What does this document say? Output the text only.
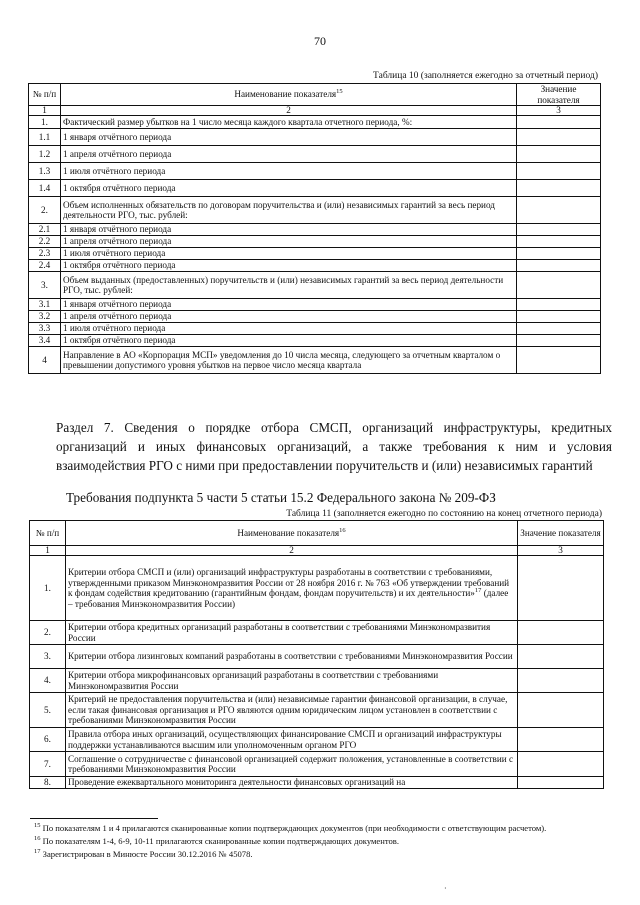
70
Таблица 10 (заполняется ежегодно за отчетный период)
№ п/п	Наименование показателя$^{15}$	Значение показателя
1	2	3
1.	Фактический размер убытков на 1 число месяца каждого квартала отчетного периода, %:	
1.1	1 января отчётного периода	
1.2	1 апреля отчётного периода	
1.3	1 июля отчётного периода	
1.4	1 октября отчётного периода	
2.	Объем исполненных обязательств по договорам поручительства и (или) независимых гарантий за весь период деятельности РГО, тыс. рублей:	
2.1	1 января отчётного периода	
2.2	1 апреля отчётного периода	
2.3	1 июля отчётного периода	
2.4	1 октября отчётного периода	
3.	Объем выданных (предоставленных) поручительств и (или) независимых гарантий за весь период деятельности РГО, тыс. рублей:	
3.1	1 января отчётного периода	
3.2	1 апреля отчётного периода	
3.3	1 июля отчётного периода	
3.4	1 октября отчётного периода	
4	Направление в АО «Корпорация МСП» уведомления до 10 числа месяца, следующего за отчетным кварталом о превышении допустимого уровня убытков на первое число месяца квартала	
Раздел 7. Сведения о порядке отбора СМСП, организаций инфраструктуры, кредитных организаций и иных финансовых организаций, а также требования к ним и условия взаимодействия РГО с ними при предоставлении поручительств и (или) независимых гарантий
Требования подпункта 5 части 5 статьи 15.2 Федерального закона № 209-ФЗ
Таблица 11 (заполняется ежегодно по состоянию на конец отчетного периода)
№ п/п	Наименование показателя$^{16}$	Значение показателя
1	2	3
1.	Критерии отбора СМСП и (или) организаций инфраструктуры разработаны в соответствии с требованиями, утвержденными приказом Минэкономразвития России от 28 ноября 2016 г. № 763 «Об утверждении требований к фондам содействия кредитованию (гарантийным фондам, фондам поручительств) и их деятельности»$^{17}$ (далее – требования Минэкономразвития России)	
2.	Критерии отбора кредитных организаций разработаны в соответствии с требованиями Минэкономразвития России	
3.	Критерии отбора лизинговых компаний разработаны в соответствии с требованиями Минэкономразвития России	
4.	Критерии отбора микрофинансовых организаций разработаны в соответствии с требованиями Минэкономразвития России	
5.	Критерий не предоставления поручительства и (или) независимые гарантии финансовой организации, в случае, если такая финансовая организация и РГО являются одним юридическим лицом установлен в соответствии с требованиями Минэкономразвития России	
6.	Правила отбора иных организаций, осуществляющих финансирование СМСП и организаций инфраструктуры поддержки устанавливаются высшим или уполномоченным органом РГО	
7.	Соглашение о сотрудничестве с финансовой организацией содержит положения, установленные в соответствии с требованиями Минэкономразвития России	
8.	Проведение ежеквартального мониторинга деятельности финансовых организаций на	
$^{15}$ По показателям 1 и 4 прилагаются сканированные копии подтверждающих документов (при необходимости с ответствующим расчетом).
$^{16}$ По показателям 1-4, 6-9, 10-11 прилагаются сканированные копии подтверждающих документов.
$^{17}$ Зарегистрирован в Минюсте России 30.12.2016 № 45078.
·
